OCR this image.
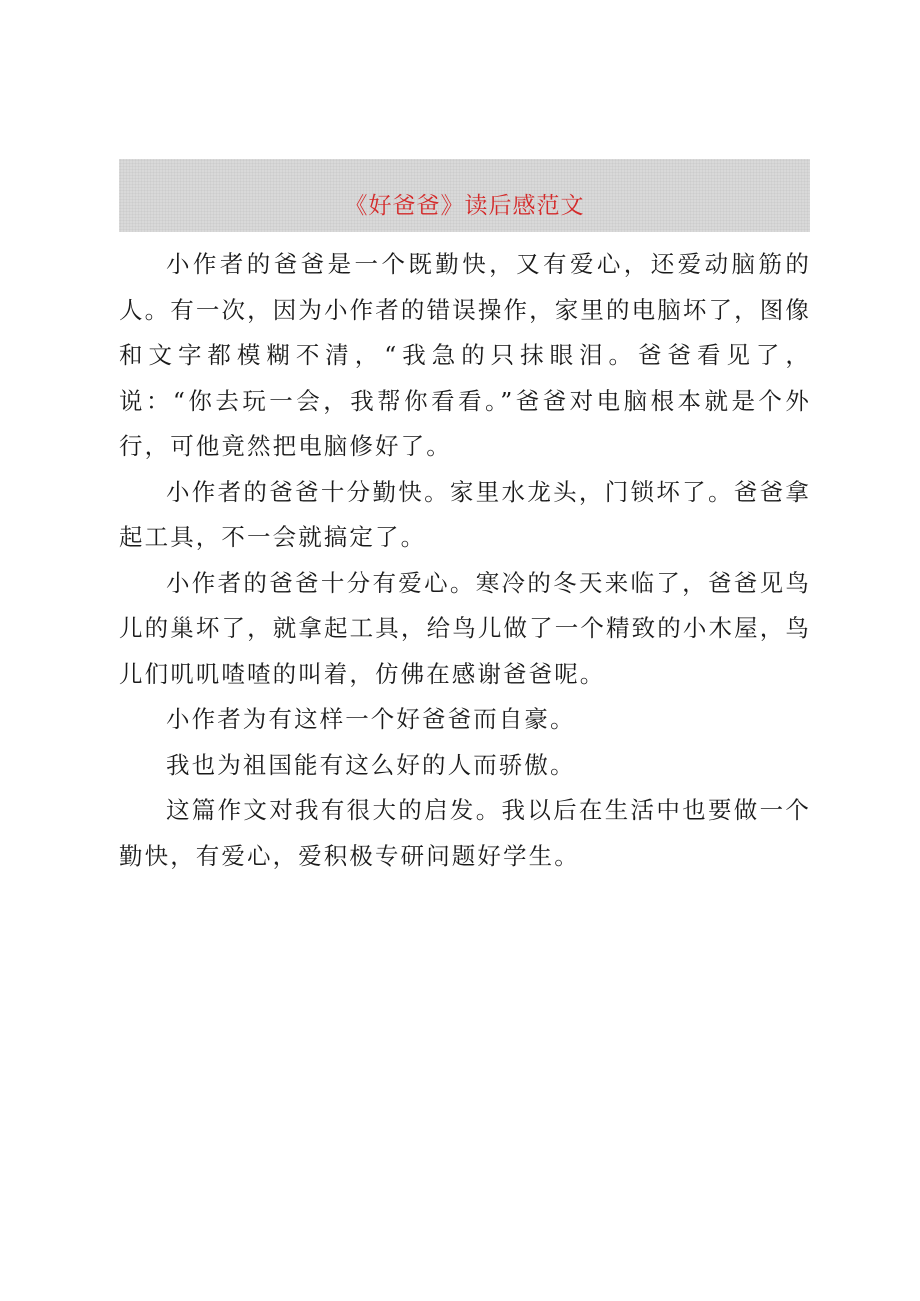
《好爸爸》读后感范文

小作者的爸爸是一个既勤快，又有爱心，还爱动脑筋的人。有一次，因为小作者的错误操作，家里的电脑坏了，图像和文字都模糊不清，“我急的只抹眼泪。爸爸看见了，说：“你去玩一会，我帮你看看。”爸爸对电脑根本就是个外行，可他竟然把电脑修好了。

小作者的爸爸十分勤快。家里水龙头，门锁坏了。爸爸拿起工具，不一会就搞定了。

小作者的爸爸十分有爱心。寒冷的冬天来临了，爸爸见鸟儿的巢坏了，就拿起工具，给鸟儿做了一个精致的小木屋，鸟儿们叽叽喳喳的叫着，仿佛在感谢爸爸呢。

小作者为有这样一个好爸爸而自豪。

我也为祖国能有这么好的人而骄傲。

这篇作文对我有很大的启发。我以后在生活中也要做一个勤快，有爱心，爱积极专研问题好学生。
